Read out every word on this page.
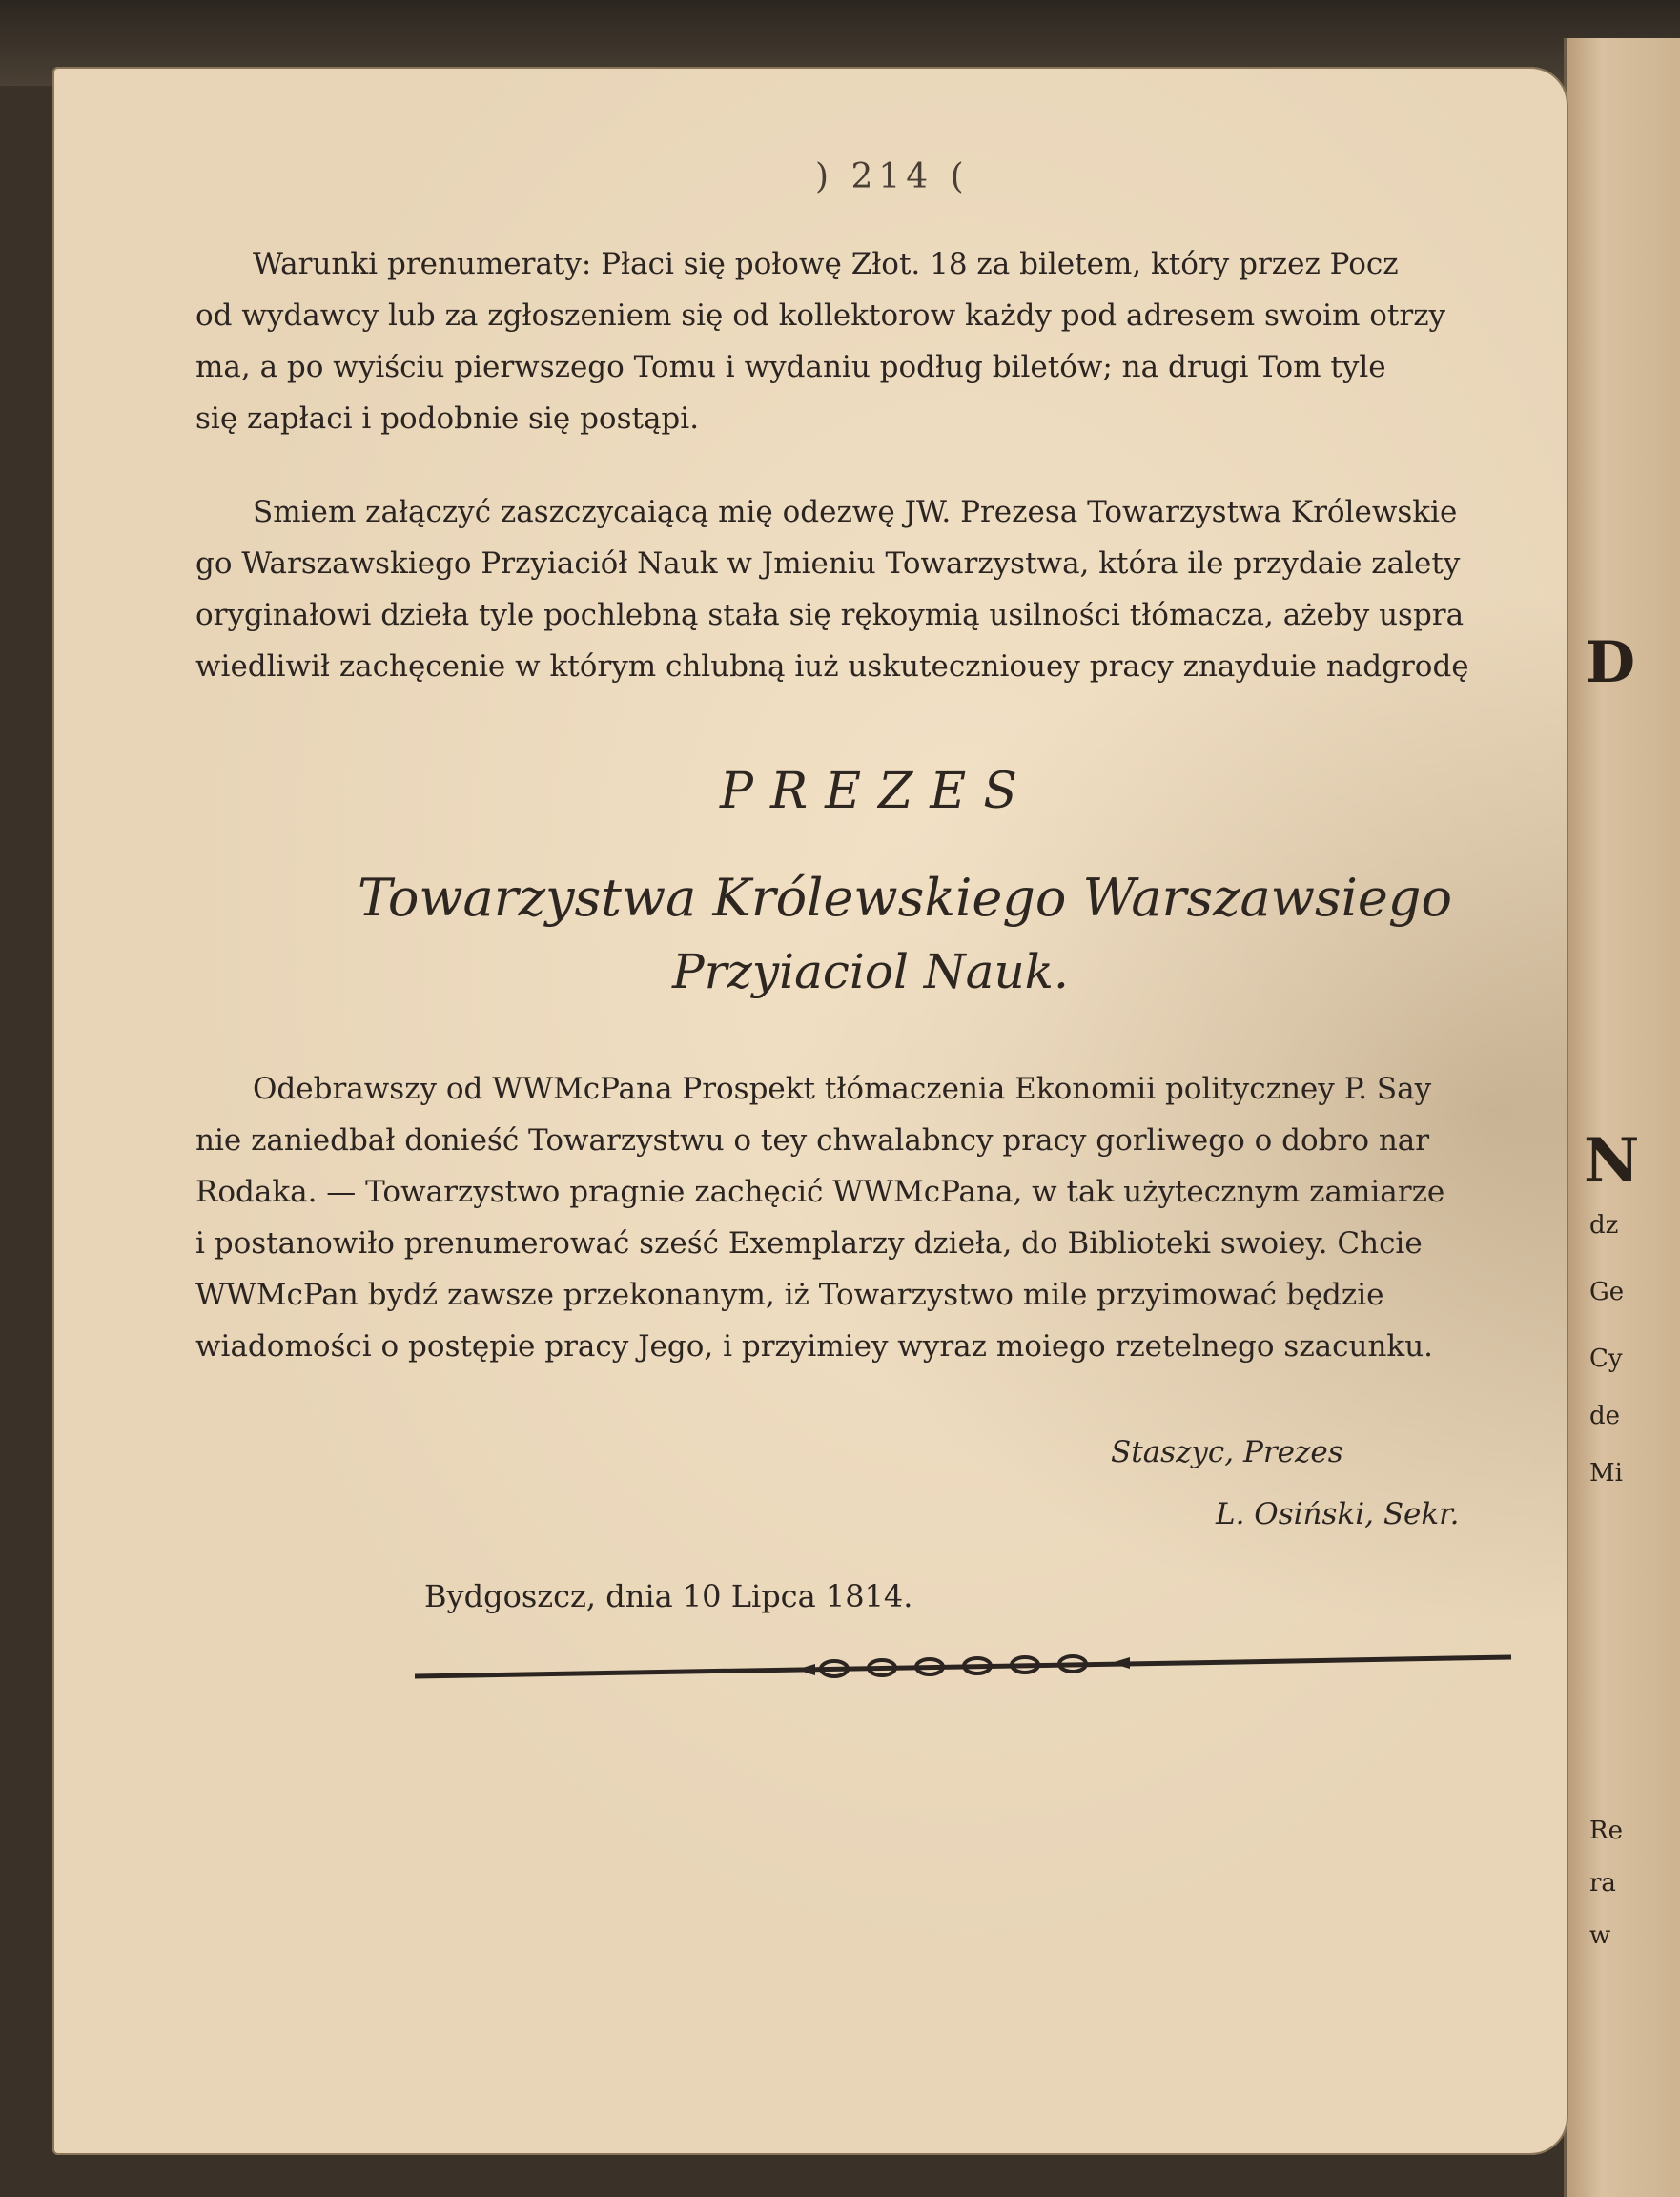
D
N
dz
Ge
Cy
de
Mi
Re
ra
w
) 214 (
Warunki prenumeraty: Płaci się połowę Złot. 18 za biletem, który przez Pocz
od wydawcy lub za zgłoszeniem się od kollektorow każdy pod adresem swoim otrzy
ma, a po wyiściu pierwszego Tomu i wydaniu podług biletów; na drugi Tom tyle
się zapłaci i podobnie się postąpi.
Smiem załączyć zaszczycaiącą mię odezwę JW. Prezesa Towarzystwa Królewskie
go Warszawskiego Przyiaciół Nauk w Jmieniu Towarzystwa, która ile przydaie zalety
oryginałowi dzieła tyle pochlebną stała się rękoymią usilności tłómacza, ażeby uspra
wiedliwił zachęcenie w którym chlubną iuż uskuteczniouey pracy znayduie nadgrodę
PREZES
Towarzystwa Królewskiego Warszawsiego
Przyiaciol Nauk.
Odebrawszy od WWMcPana Prospekt tłómaczenia Ekonomii polityczney P. Say
nie zaniedbał donieść Towarzystwu o tey chwalabncy pracy gorliwego o dobro nar
Rodaka. — Towarzystwo pragnie zachęcić WWMcPana, w tak użytecznym zamiarze
i postanowiło prenumerować sześć Exemplarzy dzieła, do Biblioteki swoiey. Chcie
WWMcPan bydź zawsze przekonanym, iż Towarzystwo mile przyimować będzie
wiadomości o postępie pracy Jego, i przyimiey wyraz moiego rzetelnego szacunku.
Staszyc, Prezes
L. Osiński, Sekr.
Bydgoszcz, dnia 10 Lipca 1814.
